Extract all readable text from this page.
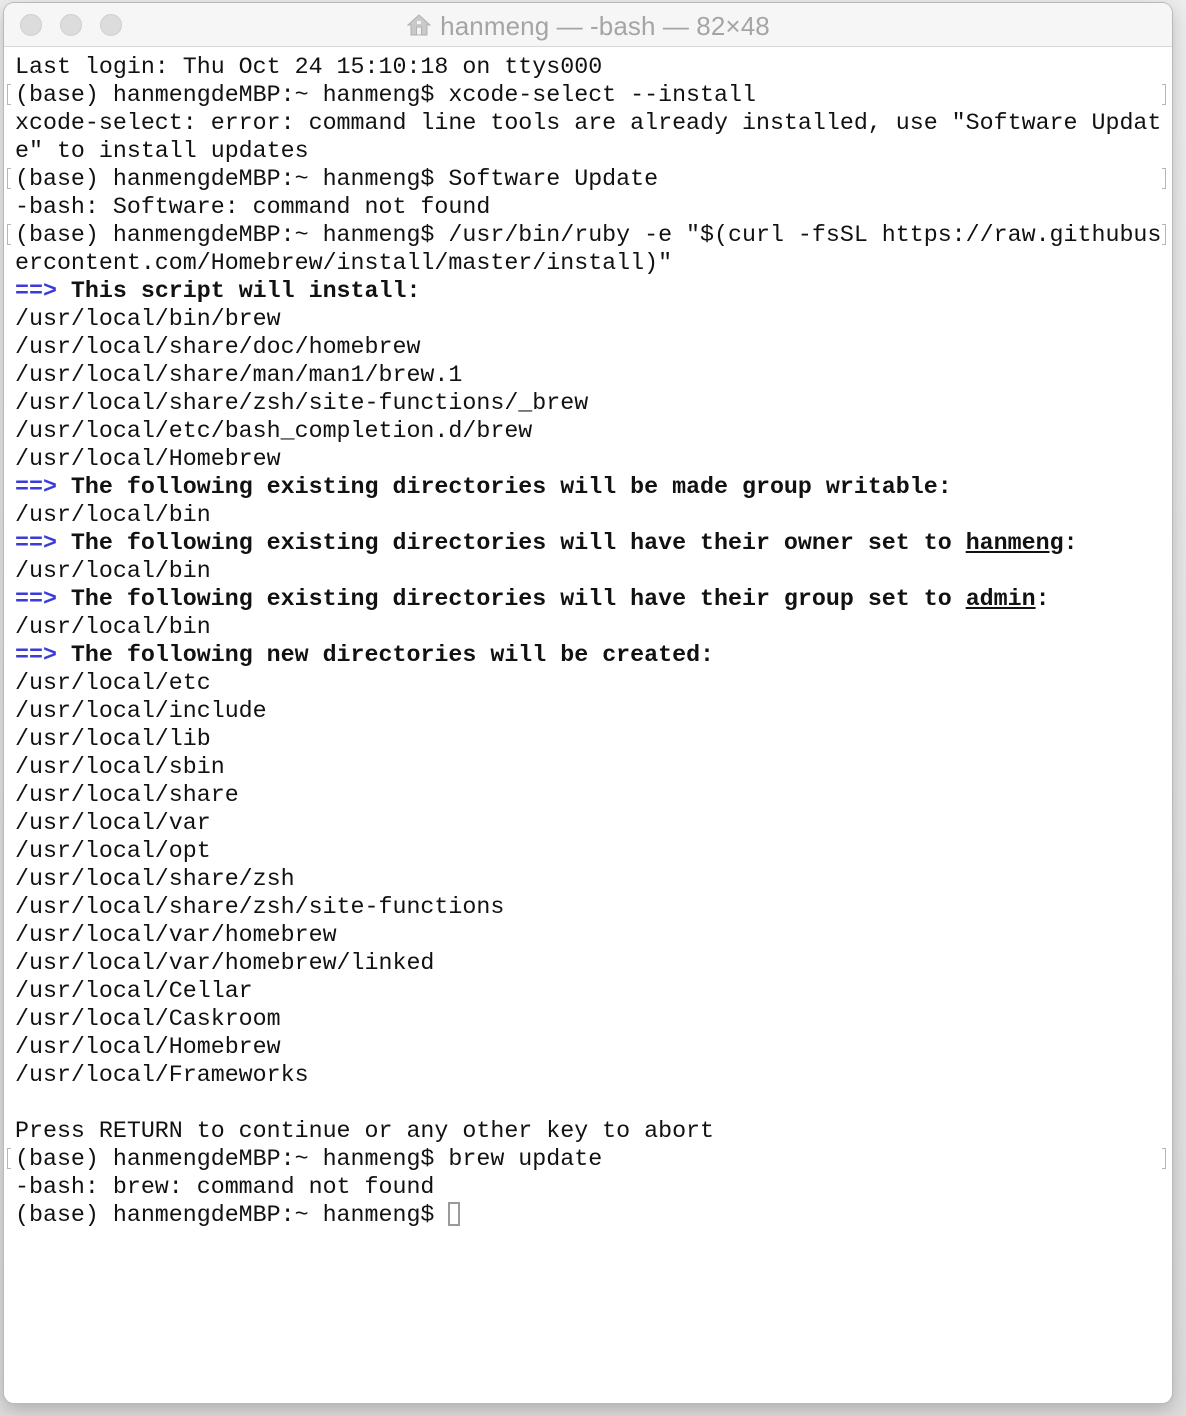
hanmeng — -bash — 82×48
Last login: Thu Oct 24 15:10:18 on ttys000
(base) hanmengdeMBP:~ hanmeng$ xcode-select --install
xcode-select: error: command line tools are already installed, use "Software Updat
e" to install updates
(base) hanmengdeMBP:~ hanmeng$ Software Update
-bash: Software: command not found
(base) hanmengdeMBP:~ hanmeng$ /usr/bin/ruby -e "$(curl -fsSL https://raw.githubus
ercontent.com/Homebrew/install/master/install)"
==> This script will install:
/usr/local/bin/brew
/usr/local/share/doc/homebrew
/usr/local/share/man/man1/brew.1
/usr/local/share/zsh/site-functions/_brew
/usr/local/etc/bash_completion.d/brew
/usr/local/Homebrew
==> The following existing directories will be made group writable:
/usr/local/bin
==> The following existing directories will have their owner set to hanmeng:
/usr/local/bin
==> The following existing directories will have their group set to admin:
/usr/local/bin
==> The following new directories will be created:
/usr/local/etc
/usr/local/include
/usr/local/lib
/usr/local/sbin
/usr/local/share
/usr/local/var
/usr/local/opt
/usr/local/share/zsh
/usr/local/share/zsh/site-functions
/usr/local/var/homebrew
/usr/local/var/homebrew/linked
/usr/local/Cellar
/usr/local/Caskroom
/usr/local/Homebrew
/usr/local/Frameworks
Press RETURN to continue or any other key to abort
(base) hanmengdeMBP:~ hanmeng$ brew update
-bash: brew: command not found
(base) hanmengdeMBP:~ hanmeng$
